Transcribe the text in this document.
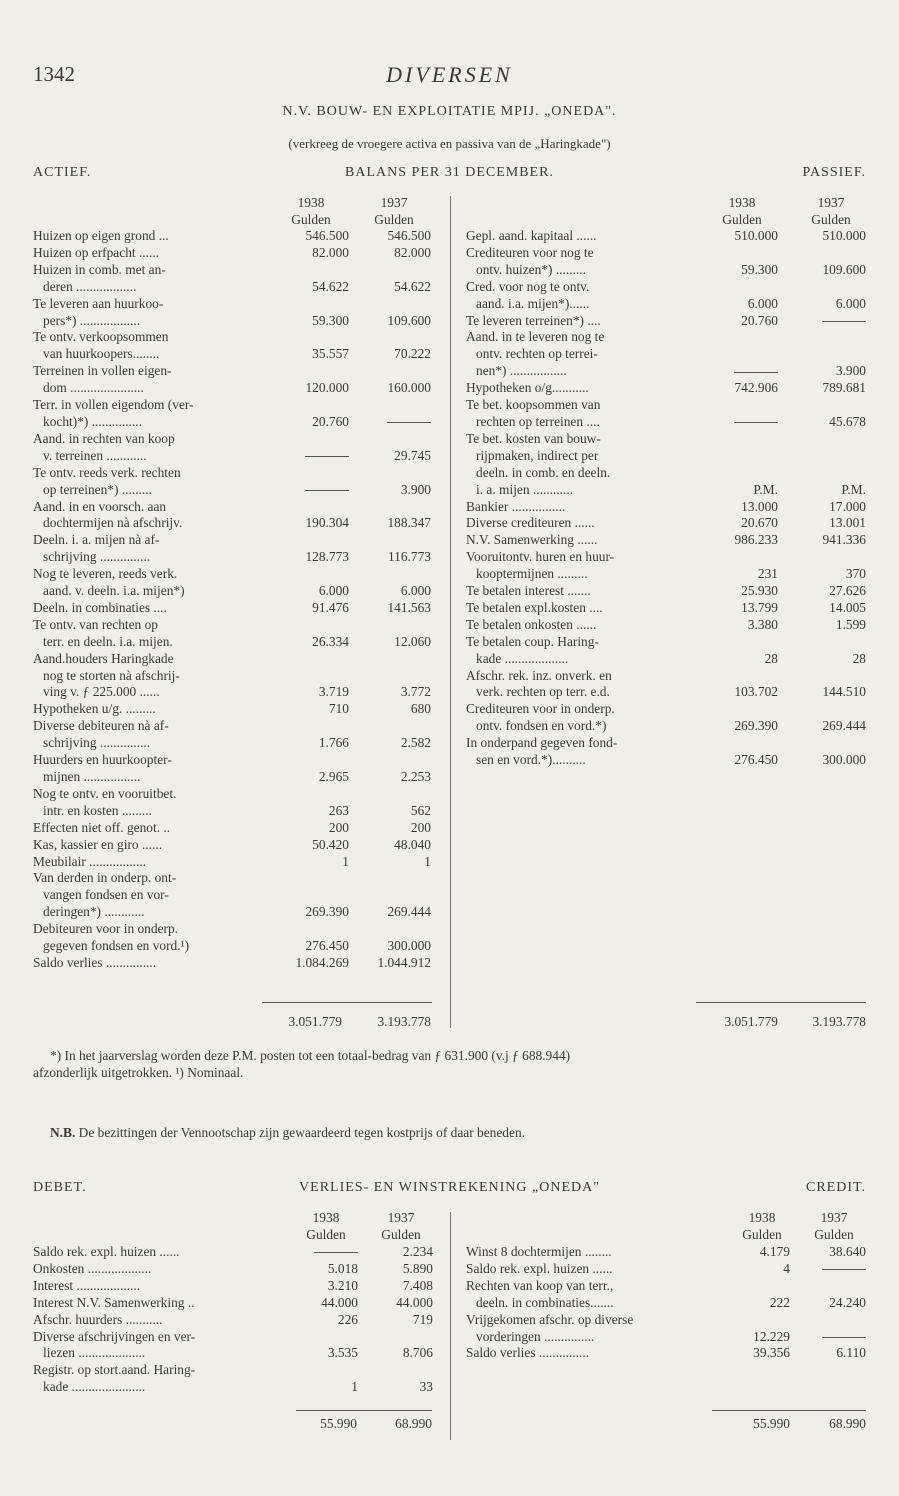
1342	DIVERSEN
N.V. BOUW- EN EXPLOITATIE MPIJ. „ONEDA".
(verkreeg de vroegere activa en passiva van de „Haringkade")
ACTIEF.	BALANS PER 31 DECEMBER.	PASSIEF.
1938
Gulden
1937
Gulden
1938
Gulden
1937
Gulden
Huizen op eigen grond ...	546.500	546.500
Huizen op erfpacht ......	82.000	82.000
Huizen in comb. met an-		
deren ..................	54.622	54.622
Te leveren aan huurkoo-		
pers*) ..................	59.300	109.600
Te ontv. verkoopsommen		
van huurkoopers........	35.557	70.222
Terreinen in vollen eigen-		
dom ......................	120.000	160.000
Terr. in vollen eigendom (ver-		
kocht)*) ...............	20.760	
Aand. in rechten van koop		
v. terreinen ............		29.745
Te ontv. reeds verk. rechten		
op terreinen*) .........		3.900
Aand. in en voorsch. aan		
dochtermijen nà afschrijv.	190.304	188.347
Deeln. i. a. mijen nà af-		
schrijving ...............	128.773	116.773
Nog te leveren, reeds verk.		
aand. v. deeln. i.a. mijen*)	6.000	6.000
Deeln. in combinaties ....	91.476	141.563
Te ontv. van rechten op		
terr. en deeln. i.a. mijen.	26.334	12.060
Aand.houders Haringkade		
nog te storten nà afschrij-		
ving v. ƒ 225.000 ......	3.719	3.772
Hypotheken u/g. .........	710	680
Diverse debiteuren nà af-		
schrijving ...............	1.766	2.582
Huurders en huurkoopter-		
mijnen .................	2.965	2.253
Nog te ontv. en vooruitbet.		
intr. en kosten .........	263	562
Effecten niet off. genot. ..	200	200
Kas, kassier en giro ......	50.420	48.040
Meubilair .................	1	1
Van derden in onderp. ont-		
vangen fondsen en vor-		
deringen*) ............	269.390	269.444
Debiteuren voor in onderp.		
gegeven fondsen en vord.¹)	276.450	300.000
Saldo verlies ...............	1.084.269	1.044.912
Gepl. aand. kapitaal ......	510.000	510.000
Crediteuren voor nog te		
ontv. huizen*) .........	59.300	109.600
Cred. voor nog te ontv.		
aand. i.a. mijen*)......	6.000	6.000
Te leveren terreinen*) ....	20.760	
Aand. in te leveren nog te		
ontv. rechten op terrei-		
nen*) .................		3.900
Hypotheken o/g...........	742.906	789.681
Te bet. koopsommen van		
rechten op terreinen ....		45.678
Te bet. kosten van bouw-		
rijpmaken, indirect per		
deeln. in comb. en deeln.		
i. a. mijen ............	P.M.	P.M.
Bankier ................	13.000	17.000
Diverse crediteuren ......	20.670	13.001
N.V. Samenwerking ......	986.233	941.336
Vooruitontv. huren en huur-		
kooptermijnen .........	231	370
Te betalen interest .......	25.930	27.626
Te betalen expl.kosten ....	13.799	14.005
Te betalen onkosten ......	3.380	1.599
Te betalen coup. Haring-		
kade ...................	28	28
Afschr. rek. inz. onverk. en		
verk. rechten op terr. e.d.	103.702	144.510
Crediteuren voor in onderp.		
ontv. fondsen en vord.*)	269.390	269.444
In onderpand gegeven fond-		
sen en vord.*)..........	276.450	300.000
3.051.779	3.193.778	3.051.779	3.193.778
*) In het jaarverslag worden deze P.M. posten tot een totaal-bedrag van ƒ 631.900 (v.j ƒ 688.944)
afzonderlijk uitgetrokken. ¹) Nominaal.
N.B. De bezittingen der Vennootschap zijn gewaardeerd tegen kostprijs of daar beneden.
DEBET.	VERLIES- EN WINSTREKENING „ONEDA"	CREDIT.
1938
Gulden
1937
Gulden
1938
Gulden
1937
Gulden
Saldo rek. expl. huizen ......		2.234
Onkosten ...................	5.018	5.890
Interest ...................	3.210	7.408
Interest N.V. Samenwerking ..	44.000	44.000
Afschr. huurders ...........	226	719
Diverse afschrijvingen en ver-		
liezen ....................	3.535	8.706
Registr. op stort.aand. Haring-		
kade ......................	1	33
Winst 8 dochtermijen ........	4.179	38.640
Saldo rek. expl. huizen ......	4	
Rechten van koop van terr.,		
deeln. in combinaties.......	222	24.240
Vrijgekomen afschr. op diverse		
vorderingen ...............	12.229	
Saldo verlies ...............	39.356	6.110
55.990	68.990	55.990	68.990
